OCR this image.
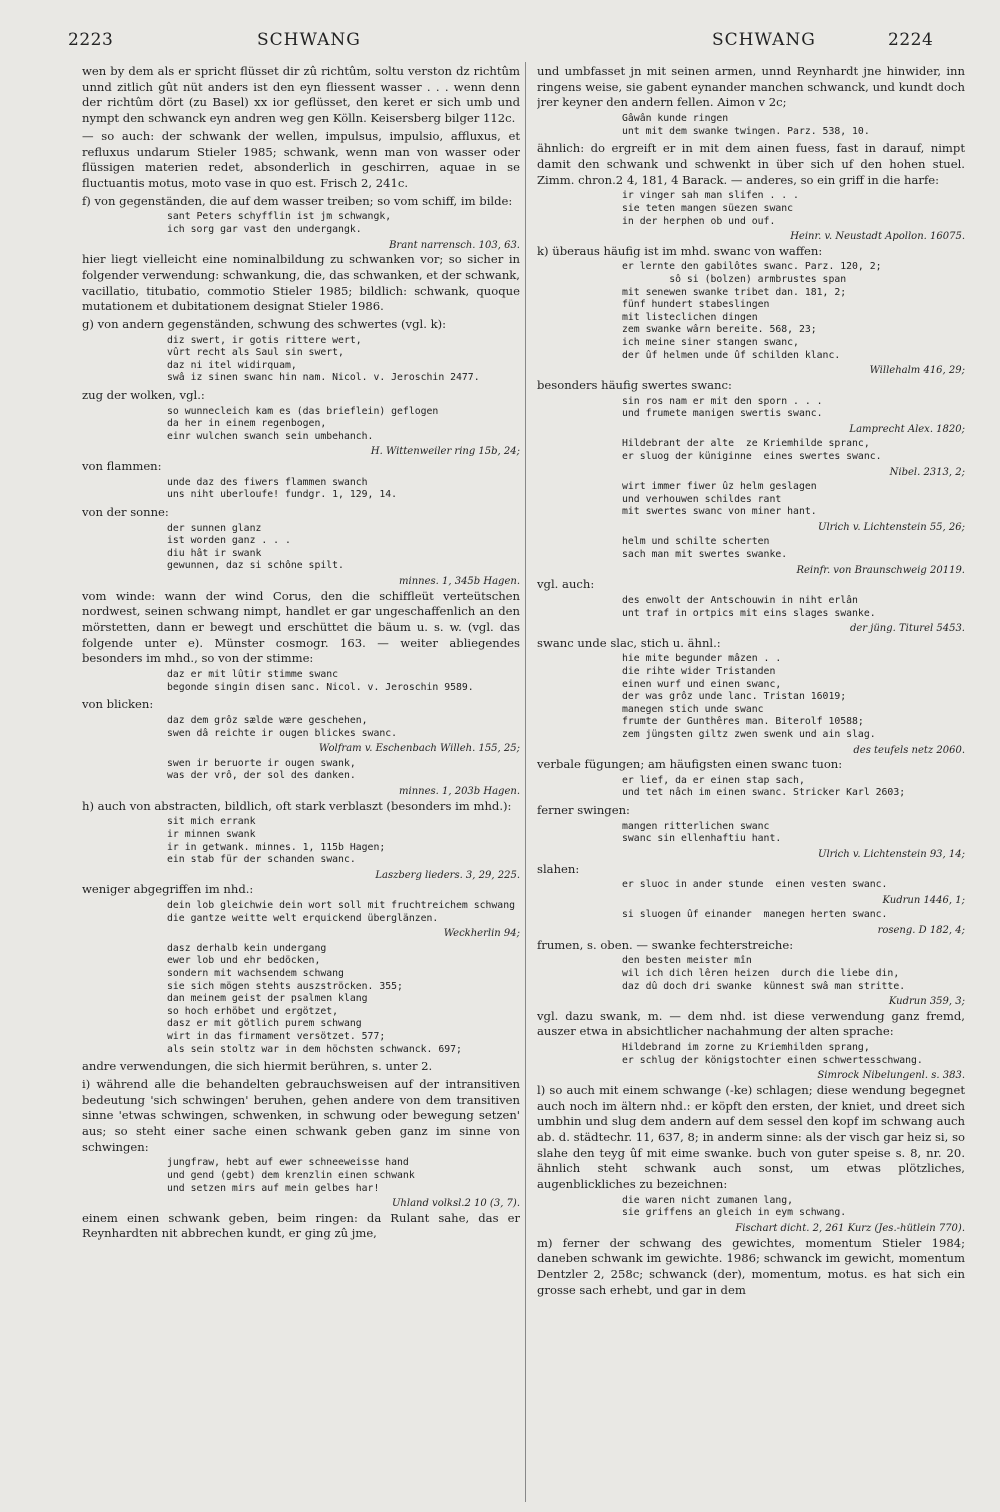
2223	SCHWANG	SCHWANG	2224
wen by dem als er spricht flüsset dir zû richtûm, soltu verston dz richtûm unnd zitlich gût nüt anders ist den eyn fliessent wasser . . . wenn denn der richtûm dört (zu Basel) xx ior geflüsset, den keret er sich umb und nympt den schwanck eyn andren weg gen Kölln. Keisersberg bilger 112c.
— so auch: der schwank der wellen, impulsus, impulsio, affluxus, et refluxus undarum Stieler 1985; schwank, wenn man von wasser oder flüssigen materien redet, absonderlich in geschirren, aquae in se fluctuantis motus, moto vase in quo est. Frisch 2, 241c.
f) von gegenständen, die auf dem wasser treiben; so vom schiff, im bilde:
sant Peters schyfflin ist jm schwangk,
ich sorg gar vast den undergangk.
Brant narrensch. 103, 63.
hier liegt vielleicht eine nominalbildung zu schwanken vor; so sicher in folgender verwendung: schwankung, die, das schwanken, et der schwank, vacillatio, titubatio, commotio Stieler 1985; bildlich: schwank, quoque mutationem et dubitationem designat Stieler 1986.
g) von andern gegenständen, schwung des schwertes (vgl. k):
diz swert, ir gotis rittere wert,
vûrt recht als Saul sin swert,
daz ni itel widirquam,
swâ iz sinen swanc hin nam. Nicol. v. Jeroschin 2477.
zug der wolken, vgl.:
so wunnecleich kam es (das brieflein) geflogen
da her in einem regenbogen,
einr wulchen swanch sein umbehanch.
H. Wittenweiler ring 15b, 24;
von flammen:
unde daz des fiwers flammen swanch
uns niht uberloufe! fundgr. 1, 129, 14.
von der sonne:
der sunnen glanz
ist worden ganz . . .
diu hât ir swank
gewunnen, daz si schône spilt.
minnes. 1, 345b Hagen.
vom winde: wann der wind Corus, den die schiffleüt verteütschen nordwest, seinen schwang nimpt, handlet er gar ungeschaffenlich an den mörstetten, dann er bewegt und erschüttet die bäum u. s. w. (vgl. das folgende unter e). Münster cosmogr. 163. — weiter abliegendes besonders im mhd., so von der stimme:
daz er mit lûtir stimme swanc
begonde singin disen sanc. Nicol. v. Jeroschin 9589.
von blicken:
daz dem grôz sælde wære geschehen,
swen dâ reichte ir ougen blickes swanc.
Wolfram v. Eschenbach Willeh. 155, 25;
swen ir beruorte ir ougen swank,
was der vrô, der sol des danken.
minnes. 1, 203b Hagen.
h) auch von abstracten, bildlich, oft stark verblaszt (besonders im mhd.):
sit mich errank
ir minnen swank
ir in getwank. minnes. 1, 115b Hagen;
ein stab für der schanden swanc.
Laszberg lieders. 3, 29, 225.
weniger abgegriffen im nhd.:
dein lob gleichwie dein wort soll mit fruchtreichem schwang
die gantze weitte welt erquickend überglänzen.
Weckherlin 94;
dasz derhalb kein undergang
ewer lob und ehr bedöcken,
sondern mit wachsendem schwang
sie sich mögen stehts auszströcken. 355;
dan meinem geist der psalmen klang
so hoch erhöbet und ergötzet,
dasz er mit götlich purem schwang
wirt in das firmament versötzet. 577;
als sein stoltz war in dem höchsten schwanck. 697;
andre verwendungen, die sich hiermit berühren, s. unter 2.
i) während alle die behandelten gebrauchsweisen auf der intransitiven bedeutung 'sich schwingen' beruhen, gehen andere von dem transitiven sinne 'etwas schwingen, schwenken, in schwung oder bewegung setzen' aus; so steht einer sache einen schwank geben ganz im sinne von schwingen:
jungfraw, hebt auf ewer schneeweisse hand
und gend (gebt) dem krenzlin einen schwank
und setzen mirs auf mein gelbes har!
Uhland volksl.2 10 (3, 7).
einem einen schwank geben, beim ringen: da Rulant sahe, das er Reynhardten nit abbrechen kundt, er ging zû jme,
und umbfasset jn mit seinen armen, unnd Reynhardt jne hinwider, inn ringens weise, sie gabent eynander manchen schwanck, und kundt doch jrer keyner den andern fellen. Aimon v 2c;
Gâwân kunde ringen
unt mit dem swanke twingen. Parz. 538, 10.
ähnlich: do ergreift er in mit dem ainen fuess, fast in darauf, nimpt damit den schwank und schwenkt in über sich uf den hohen stuel. Zimm. chron.2 4, 181, 4 Barack. — anderes, so ein griff in die harfe:
ir vinger sah man slifen . . .
sie teten mangen süezen swanc
in der herphen ob und ouf.
Heinr. v. Neustadt Apollon. 16075.
k) überaus häufig ist im mhd. swanc von waffen:
er lernte den gabilôtes swanc. Parz. 120, 2;
sô si (bolzen) armbrustes span
mit senewen swanke tribet dan. 181, 2;
fünf hundert stabeslingen
mit listeclichen dingen
zem swanke wârn bereite. 568, 23;
ich meine siner stangen swanc,
der ûf helmen unde ûf schilden klanc.
Willehalm 416, 29;
besonders häufig swertes swanc:
sin ros nam er mit den sporn . . .
und frumete manigen swertis swanc.
Lamprecht Alex. 1820;
Hildebrant der alte  ze Kriemhilde spranc,
er sluog der küniginne  eines swertes swanc.
Nibel. 2313, 2;
wirt immer fiwer ûz helm geslagen
und verhouwen schildes rant
mit swertes swanc von miner hant.
Ulrich v. Lichtenstein 55, 26;
helm und schilte scherten
sach man mit swertes swanke.
Reinfr. von Braunschweig 20119.
vgl. auch:
des enwolt der Antschouwin in niht erlân
unt traf in ortpics mit eins slages swanke.
der jüng. Titurel 5453.
swanc unde slac, stich u. ähnl.:
hie mite begunder mâzen . .
die rihte wider Tristanden
einen wurf und einen swanc,
der was grôz unde lanc. Tristan 16019;
manegen stich unde swanc
frumte der Gunthêres man. Biterolf 10588;
zem jüngsten giltz zwen swenk und ain slag.
des teufels netz 2060.
verbale fügungen; am häufigsten einen swanc tuon:
er lief, da er einen stap sach,
und tet nâch im einen swanc. Stricker Karl 2603;
ferner swingen:
mangen ritterlichen swanc
swanc sin ellenhaftiu hant.
Ulrich v. Lichtenstein 93, 14;
slahen:
er sluoc in ander stunde  einen vesten swanc.
Kudrun 1446, 1;
si sluogen ûf einander  manegen herten swanc.
roseng. D 182, 4;
frumen, s. oben. — swanke fechterstreiche:
den besten meister mîn
wil ich dich lêren heizen  durch die liebe din,
daz dû doch dri swanke  künnest swâ man stritte.
Kudrun 359, 3;
vgl. dazu swank, m. — dem nhd. ist diese verwendung ganz fremd, auszer etwa in absichtlicher nachahmung der alten sprache:
Hildebrand im zorne zu Kriemhilden sprang,
er schlug der königstochter einen schwertesschwang.
Simrock Nibelungenl. s. 383.
l) so auch mit einem schwange (-ke) schlagen; diese wendung begegnet auch noch im ältern nhd.: er köpft den ersten, der kniet, und dreet sich umbhin und slug dem andern auf dem sessel den kopf im schwang auch ab. d. städtechr. 11, 637, 8; in anderm sinne: als der visch gar heiz si, so slahe den teyg ûf mit eime swanke. buch von guter speise s. 8, nr. 20. ähnlich steht schwank auch sonst, um etwas plötzliches, augenblickliches zu bezeichnen:
die waren nicht zumanen lang,
sie griffens an gleich in eym schwang.
Fischart dicht. 2, 261 Kurz (Jes.-hütlein 770).
m) ferner der schwang des gewichtes, momentum Stieler 1984; daneben schwank im gewichte. 1986; schwanck im gewicht, momentum Dentzler 2, 258c; schwanck (der), momentum, motus. es hat sich ein grosse sach erhebt, und gar in dem
